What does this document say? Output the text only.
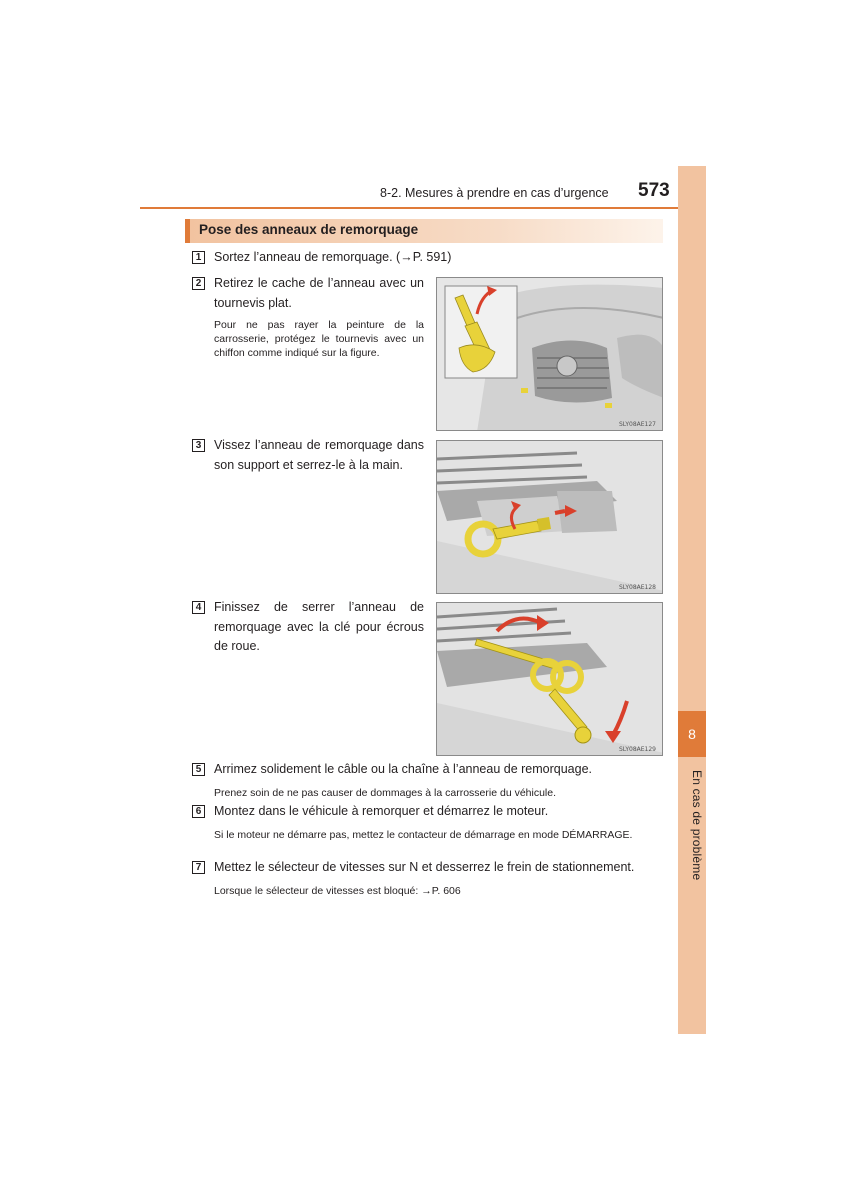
8
En cas de problème
8-2. Mesures à prendre en cas d’urgence 573
Pose des anneaux de remorquage
1 Sortez l’anneau de remorquage. (→P. 591)
2 Retirez le cache de l’anneau avec un tournevis plat.
Pour ne pas rayer la peinture de la carrosserie, protégez le tournevis avec un chiffon comme indiqué sur la figure.
SLY08AE127
3 Vissez l’anneau de remorquage dans son support et serrez-le à la main.
SLY08AE128
4 Finissez de serrer l’anneau de remorquage avec la clé pour écrous de roue.
SLY08AE129
5 Arrimez solidement le câble ou la chaîne à l’anneau de remorquage.
Prenez soin de ne pas causer de dommages à la carrosserie du véhicule.
6 Montez dans le véhicule à remorquer et démarrez le moteur.
Si le moteur ne démarre pas, mettez le contacteur de démarrage en mode DÉMARRAGE.
7 Mettez le sélecteur de vitesses sur N et desserrez le frein de stationnement.
Lorsque le sélecteur de vitesses est bloqué: →P. 606
